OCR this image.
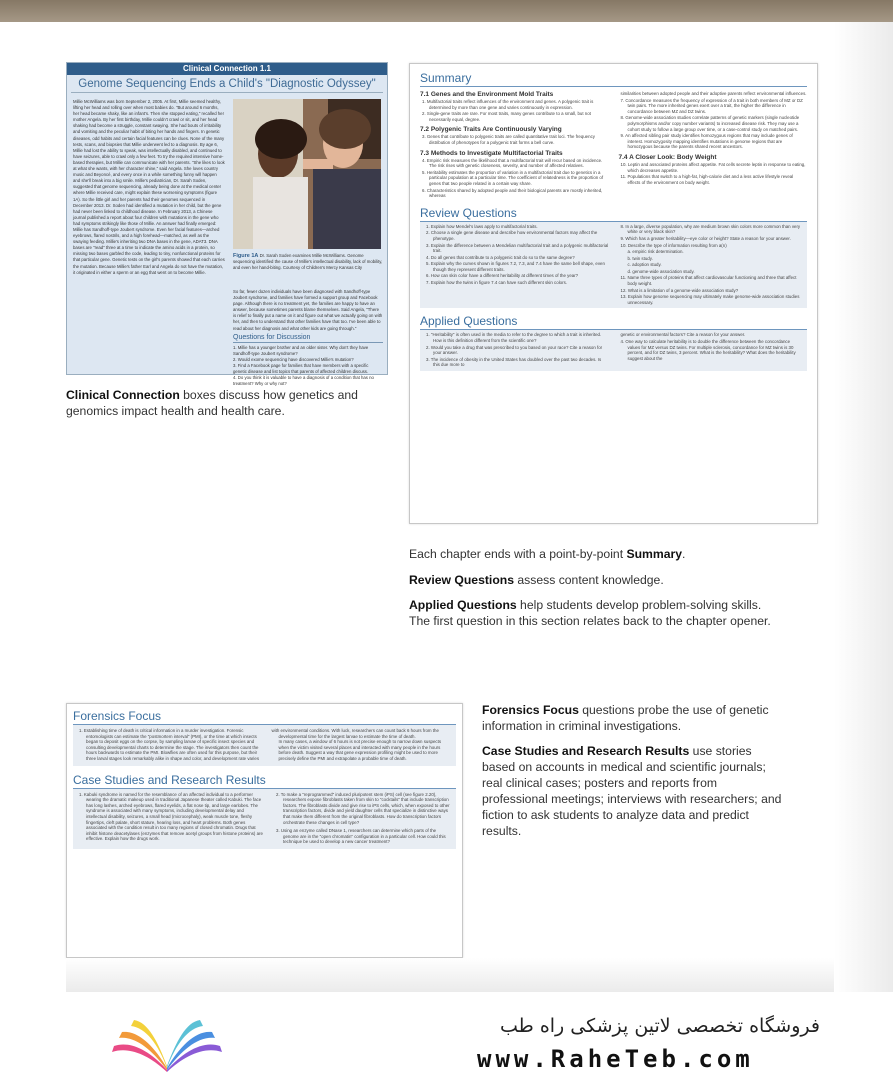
Clinical Connection 1.1
Genome Sequencing Ends a Child's "Diagnostic Odyssey"
Millie McWilliams was born September 2, 2005. At first, Millie seemed healthy, lifting her head and rolling over when most babies do. "But around 6 months, her head became shaky, like an infant's. Then she stopped eating," recalled her mother Angela. By her first birthday, Millie couldn't crawl or sit, and her head shaking had become a struggle, constant swaying. She had bouts of irritability and vomiting and the peculiar habit of biting her hands and fingers. In genetic diseases, odd habits and certain facial features can be clues. None of the many tests, scans, and biopsies that Millie underwent led to a diagnosis. By age 6, Millie had lost the ability to speak, was intellectually disabled, and continued to have seizures, able to crawl only a few feet. To try the required intensive home-based therapies, but Millie can communicate with her parents. "She likes to look at what she wants, with her character shine," said Angela. She loves country music and Beyoncé, and every once in a while something funny will happen and she'll break into a big smile. Millie's pediatrician, Dr. Sarah Soden, suggested that genome sequencing, already being done at the medical center where Millie received care, might explain these worsening symptoms (figure 1A). So the little girl and her parents had their genomes sequenced in December 2013. Dr. Soden had identified a mutation in her child, but the gene had never been linked to childhood disease. In February 2013, a Chinese journal published a report about four children with mutations in the gene who had symptoms strikingly like those of Millie. An answer had finally emerged: Millie has Sandhoff-type Joubert syndrome. Even her facial features—arched eyebrows, flared nostrils, and a high forehead—matched, as well as the swaying feeding. Millie's inheriting two DNA bases in the gene, ADAT3. DNA bases are "read" three at a time to indicate the amino acids in a protein, so missing two bases garbled the code, leading to tiny, nonfunctional proteins for that particular gene. Genetic tests on the girl's parents showed that each carries the mutation. Because Millie's father Earl and Angela do not have the mutation, it originated in either a sperm or an egg that went on to become Millie.
Figure 1A Dr. Sarah Soden examines Millie McWilliams. Genome sequencing identified the cause of Millie's intellectual disability, lack of mobility, and even her hand-biting. Courtesy of Children's Mercy Kansas City
So far, fewer dozen individuals have been diagnosed with Sandhoff-type Joubert syndrome, and families have formed a support group and Facebook page. Although there is no treatment yet, the families are happy to have an answer, because sometimes parents blame themselves. Said Angela, "There is relief to finally put a name on it and figure out what we actually going on with her, and then to understand that other families have that too. I've been able to read about her diagnosis and what other kids are going through."
Questions for Discussion
1. Millie has a younger brother and an older sister. Why don't they have Sandhoff-type Joubert syndrome?
2. Would exome sequencing have discovered Millie's mutation?
3. Find a Facebook page for families that have members with a specific genetic disease and list topics that parents of affected children discuss.
4. Do you think it is valuable to have a diagnosis of a condition that has no treatment? Why or why not?
Clinical Connection boxes discuss how genetics and genomics impact health and health care.
Summary
7.1 Genes and the Environment Mold Traits
1. Multifactorial traits reflect influences of the environment and genes. A polygenic trait is determined by more than one gene and varies continuously in expression.
2. Single-gene traits are rare. For most traits, many genes contribute to a small, but not necessarily equal, degree.
7.2 Polygenic Traits Are Continuously Varying
3. Genes that contribute to polygenic traits are called quantitative trait loci. The frequency distribution of phenotypes for a polygenic trait forms a bell curve.
7.3 Methods to Investigate Multifactorial Traits
4. Empiric risk measures the likelihood that a multifactorial trait will recur based on incidence. The risk rises with genetic closeness, severity, and number of affected relatives.
5. Heritability estimates the proportion of variation in a multifactorial trait due to genetics in a particular population at a particular time. The coefficient of relatedness is the proportion of genes that two people related in a certain way share.
6. Characteristics shared by adopted people and their biological parents are mostly inherited, whereas
similarities between adopted people and their adoptive parents reflect environmental influences.
7. Concordance measures the frequency of expression of a trait in both members of MZ or DZ twin pairs. The more inherited genes exert over a trait, the higher the difference in concordance between MZ and DZ twins.
8. Genome-wide association studies correlate patterns of genetic markers (single nucleotide polymorphisms and/or copy number variants) to increased disease risk. They may use a cohort study to follow a large group over time, or a case-control study on matched pairs.
9. An affected sibling pair study identifies homozygous regions that may include genes of interest. Homozygosity mapping identifies mutations in genome regions that are homozygous because the parents shared recent ancestors.
7.4 A Closer Look: Body Weight
10. Leptin and associated proteins affect appetite. Fat cells secrete leptin in response to eating, which decreases appetite.
11. Populations that switch to a high-fat, high-calorie diet and a less active lifestyle reveal effects of the environment on body weight.
Review Questions
1. Explain how Mendel's laws apply to multifactorial traits.
2. Choose a single gene disease and describe how environmental factors may affect the phenotype.
3. Explain the difference between a Mendelian multifactorial trait and a polygenic multifactorial trait.
4. Do all genes that contribute to a polygenic trait do so to the same degree?
5. Explain why the curves shown in figures 7.2, 7.3, and 7.4 have the same bell shape, even though they represent different traits.
6. How can skin color have a different heritability at different times of the year?
7. Explain how the twins in figure 7.4 can have such different skin colors.
8. In a large, diverse population, why are medium brown skin colors more common than very white or very black skin?
9. Which has a greater heritability—eye color or height? State a reason for your answer.
10. Describe the type of information resulting from a(n)
a. empiric risk determination.
b. twin study.
c. adoption study.
d. genome-wide association study.
11. Name three types of proteins that affect cardiovascular functioning and three that affect body weight.
12. What is a limitation of a genome-wide association study?
13. Explain how genome sequencing may ultimately make genome-wide association studies unnecessary.
Applied Questions
1. "Heritability" is often used in the media to refer to the degree to which a trait is inherited. How is this definition different from the scientific one?
2. Would you take a drug that was prescribed to you based on your race? Cite a reason for your answer.
3. The incidence of obesity in the United States has doubled over the past two decades. Is this due more to
genetic or environmental factors? Cite a reason for your answer.
4. One way to calculate heritability is to double the difference between the concordance values for MZ versus DZ twins. For multiple sclerosis, concordance for MZ twins is 30 percent, and for DZ twins, 3 percent. What is the heritability? What does the heritability suggest about the
Each chapter ends with a point-by-point Summary.
Review Questions assess content knowledge.
Applied Questions help students develop problem-solving skills. The first question in this section relates back to the chapter opener.
Forensics Focus
1. Establishing time of death is critical information in a murder investigation. Forensic entomologists can estimate the "postmortem interval" (PMI), or the time at which insects began to deposit eggs on the corpse, by sampling larvae of specific insect species and consulting developmental charts to determine the stage. The investigators then count the hours backwards to estimate the PMI. Blowflies are often used for this purpose, but their three larval stages look remarkably alike in shape and color, and development rate varies
with environmental conditions. With luck, researchers can count back 6 hours from the developmental time for the largest larvae to estimate the time of death.
In many cases, a window of 6 hours is not precise enough to narrow down suspects when the victim visited several places and interacted with many people in the hours before death. Suggest a way that gene expression profiling might be used to more precisely define the PMI and extrapolate a probable time of death.
Case Studies and Research Results
1. Kabuki syndrome is named for the resemblance of an affected individual to a performer wearing the dramatic makeup used in traditional Japanese theater called Kabuki. The face has long lashes, arched eyebrows, flared eyelids, a flat nose tip, and large earlobes. The syndrome is associated with many symptoms, including developmental delay and intellectual disability, seizures, a small head (microcephaly), weak muscle tone, fleshy fingertips, cleft palate, short stature, hearing loss, and heart problems. Both genes associated with the condition result in too many regions of closed chromatin. Drugs that inhibit histone deacetylases (enzymes that remove acetyl groups from histone proteins) are effective. Explain how the drugs work.
2. To make a "reprogrammed" induced pluripotent stem (iPS) cell (see figure 2.20), researchers expose fibroblasts taken from skin to "cocktails" that include transcription factors. The fibroblasts divide and give rise to iPS cells, which, when exposed to other transcription factors, divide and yield daughter cells that specialize in distinctive ways that make them different from the original fibroblasts. How do transcription factors orchestrate these changes in cell type?
3. Using an enzyme called DNase 1, researchers can determine which parts of the genome are in the "open chromatin" configuration in a particular cell. How could this technique be used to develop a new cancer treatment?
Forensics Focus questions probe the use of genetic information in criminal investigations.
Case Studies and Research Results use stories based on accounts in medical and scientific journals; real clinical cases; posters and reports from professional meetings; interviews with researchers; and fiction to ask students to analyze data and predict results.
فروشگاه تخصصی لاتین پزشکی راه طب
www.RaheTeb.com
